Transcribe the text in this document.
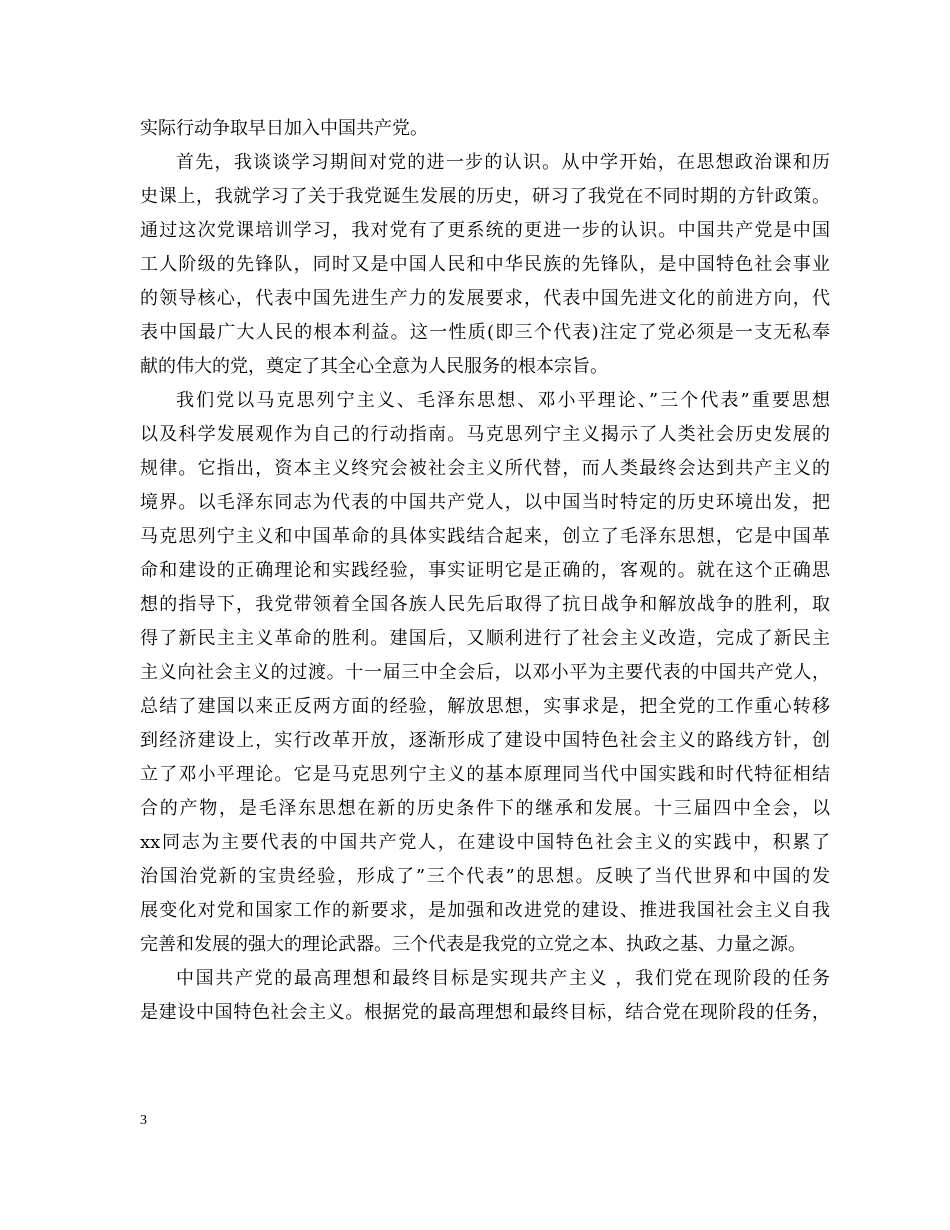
实际行动争取早日加入中国共产党。
首先，我谈谈学习期间对党的进一步的认识。从中学开始，在思想政治课和历
史课上，我就学习了关于我党诞生发展的历史，研习了我党在不同时期的方针政策。
通过这次党课培训学习，我对党有了更系统的更进一步的认识。中国共产党是中国
工人阶级的先锋队，同时又是中国人民和中华民族的先锋队，是中国特色社会事业
的领导核心，代表中国先进生产力的发展要求，代表中国先进文化的前进方向，代
表中国最广大人民的根本利益。这一性质(即三个代表)注定了党必须是一支无私奉
献的伟大的党，奠定了其全心全意为人民服务的根本宗旨。
我们党以马克思列宁主义、毛泽东思想、邓小平理论、”三个代表”重要思想
以及科学发展观作为自己的行动指南。马克思列宁主义揭示了人类社会历史发展的
规律。它指出，资本主义终究会被社会主义所代替，而人类最终会达到共产主义的
境界。以毛泽东同志为代表的中国共产党人，以中国当时特定的历史环境出发，把
马克思列宁主义和中国革命的具体实践结合起来，创立了毛泽东思想，它是中国革
命和建设的正确理论和实践经验，事实证明它是正确的，客观的。就在这个正确思
想的指导下，我党带领着全国各族人民先后取得了抗日战争和解放战争的胜利，取
得了新民主主义革命的胜利。建国后，又顺利进行了社会主义改造，完成了新民主
主义向社会主义的过渡。十一届三中全会后，以邓小平为主要代表的中国共产党人，
总结了建国以来正反两方面的经验，解放思想，实事求是，把全党的工作重心转移
到经济建设上，实行改革开放，逐渐形成了建设中国特色社会主义的路线方针，创
立了邓小平理论。它是马克思列宁主义的基本原理同当代中国实践和时代特征相结
合的产物，是毛泽东思想在新的历史条件下的继承和发展。十三届四中全会，以
xx同志为主要代表的中国共产党人，在建设中国特色社会主义的实践中，积累了
治国治党新的宝贵经验，形成了”三个代表”的思想。反映了当代世界和中国的发
展变化对党和国家工作的新要求，是加强和改进党的建设、推进我国社会主义自我
完善和发展的强大的理论武器。三个代表是我党的立党之本、执政之基、力量之源。
中国共产党的最高理想和最终目标是实现共产主义 ，我们党在现阶段的任务
是建设中国特色社会主义。根据党的最高理想和最终目标，结合党在现阶段的任务，
3
